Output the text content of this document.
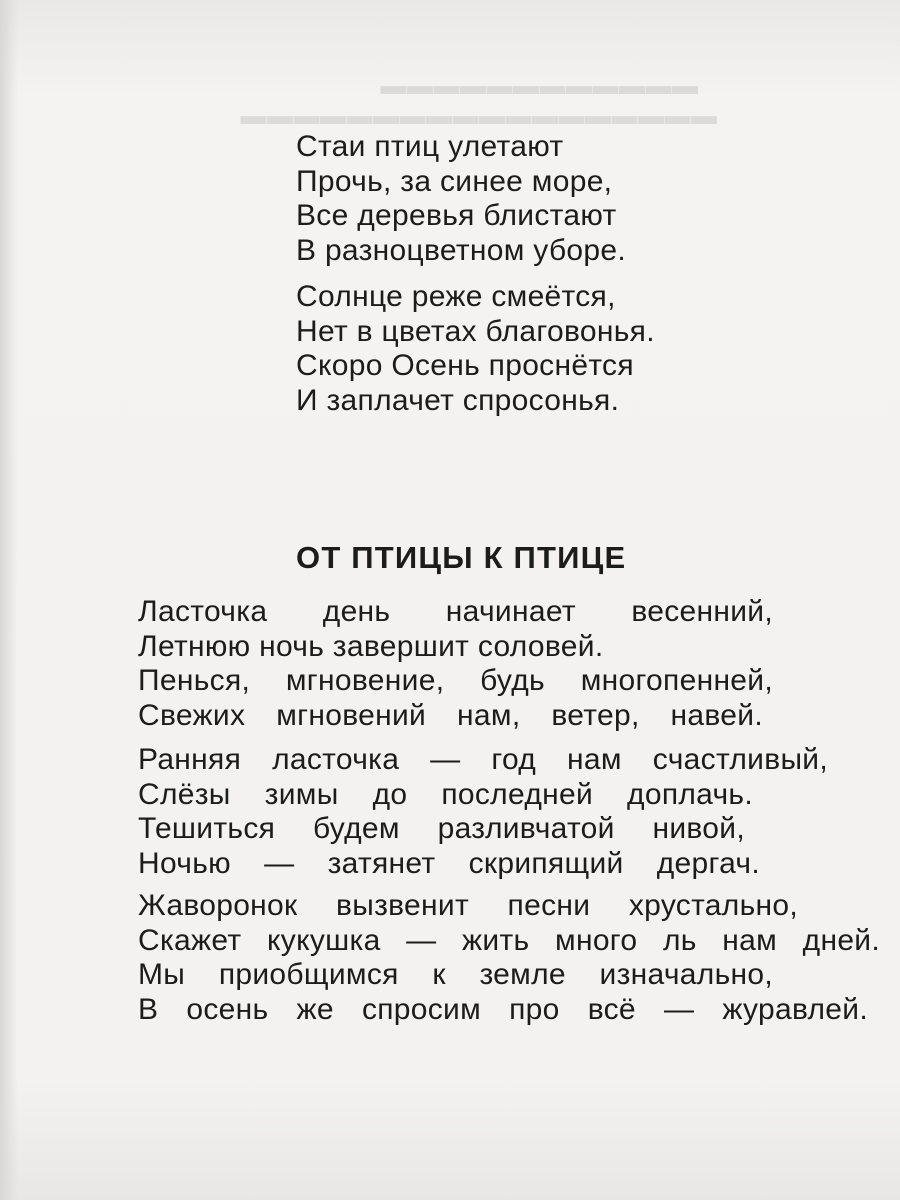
▬▬▬▬▬▬▬▬▬▬▬▬
▬▬▬▬▬▬▬▬▬▬▬▬▬▬▬▬▬▬
Стаи птиц улетают
Прочь, за синее море,
Все деревья блистают
В разноцветном уборе.
Солнце реже смеётся,
Нет в цветах благовонья.
Скоро Осень проснётся
И заплачет спросонья.
ОТ ПТИЦЫ К ПТИЦЕ
Ласточка день начинает весенний,
Летнюю ночь завершит соловей.
Пенься, мгновение, будь многопенней,
Свежих мгновений нам, ветер, навей.
Ранняя ласточка — год нам счастливый,
Слёзы зимы до последней доплачь.
Тешиться будем разливчатой нивой,
Ночью — затянет скрипящий дергач.
Жаворонок вызвенит песни хрустально,
Скажет кукушка — жить много ль нам дней.
Мы приобщимся к земле изначально,
В осень же спросим про всё — журавлей.
